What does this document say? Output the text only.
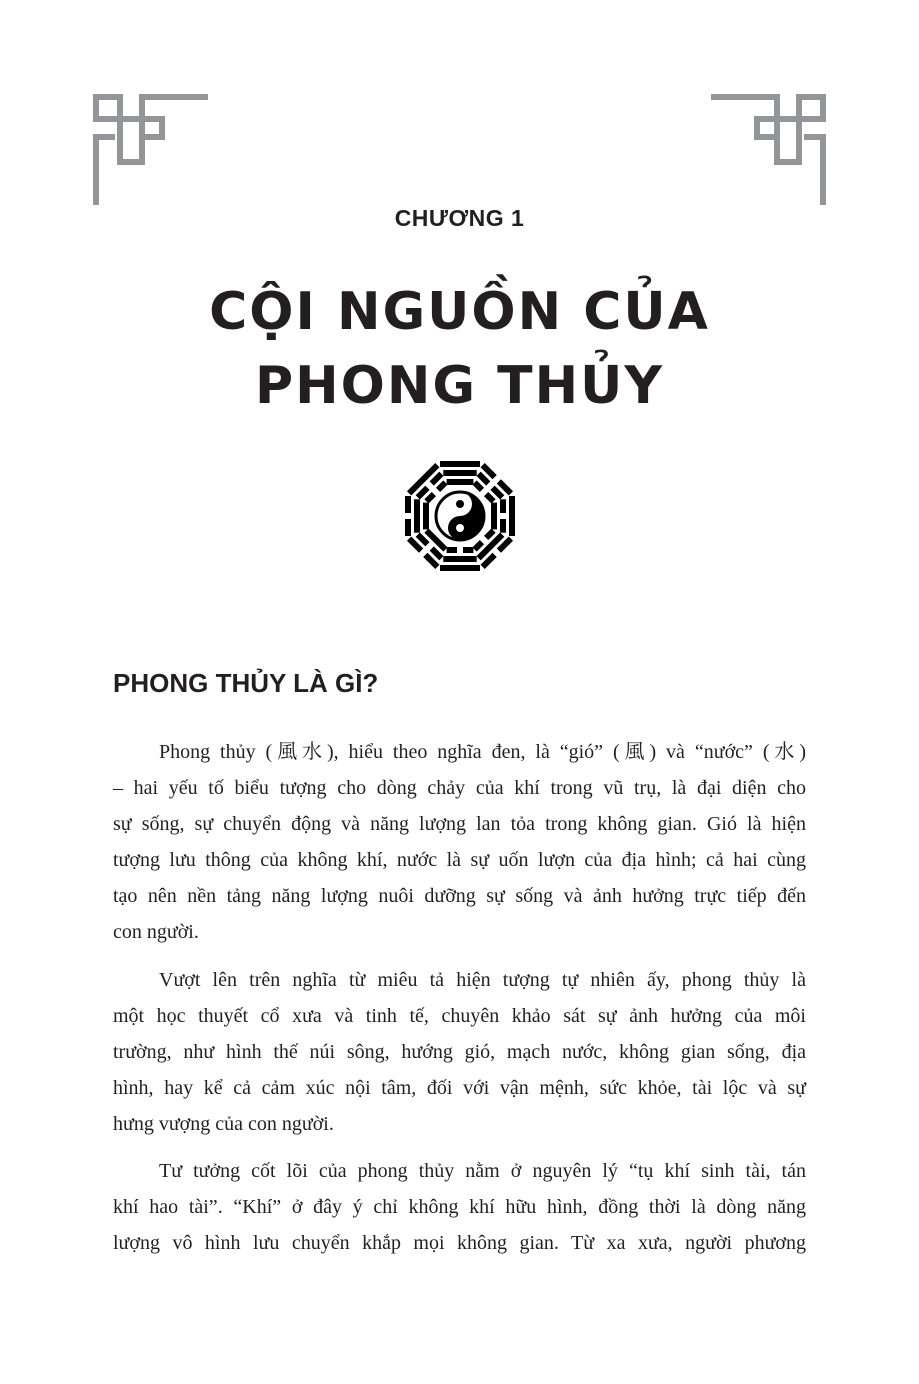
CHƯƠNG 1
CỘI NGUỒN CỦA
PHONG THỦY
PHONG THỦY LÀ GÌ?
Phong thủy (風水), hiểu theo nghĩa đen, là “gió” (風) và “nước” (水)
– hai yếu tố biểu tượng cho dòng chảy của khí trong vũ trụ, là đại diện cho
sự sống, sự chuyển động và năng lượng lan tỏa trong không gian. Gió là hiện
tượng lưu thông của không khí, nước là sự uốn lượn của địa hình; cả hai cùng
tạo nên nền tảng năng lượng nuôi dưỡng sự sống và ảnh hưởng trực tiếp đến
con người.
Vượt lên trên nghĩa từ miêu tả hiện tượng tự nhiên ấy, phong thủy là
một học thuyết cổ xưa và tinh tế, chuyên khảo sát sự ảnh hưởng của môi
trường, như hình thế núi sông, hướng gió, mạch nước, không gian sống, địa
hình, hay kể cả cảm xúc nội tâm, đối với vận mệnh, sức khỏe, tài lộc và sự
hưng vượng của con người.
Tư tưởng cốt lõi của phong thủy nằm ở nguyên lý “tụ khí sinh tài, tán
khí hao tài”. “Khí” ở đây ý chỉ không khí hữu hình, đồng thời là dòng năng
lượng vô hình lưu chuyển khắp mọi không gian. Từ xa xưa, người phương
